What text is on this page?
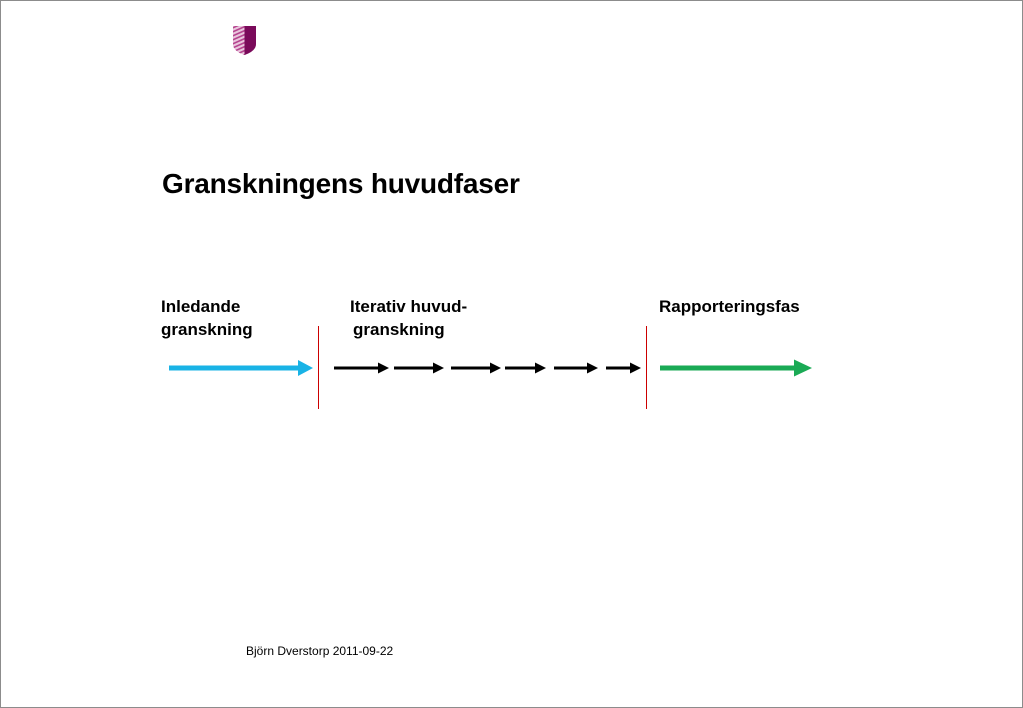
Granskningens huvudfaser
Inledande
granskning
Iterativ huvud-
granskning
Rapporteringsfas
Björn Dverstorp 2011-09-22
